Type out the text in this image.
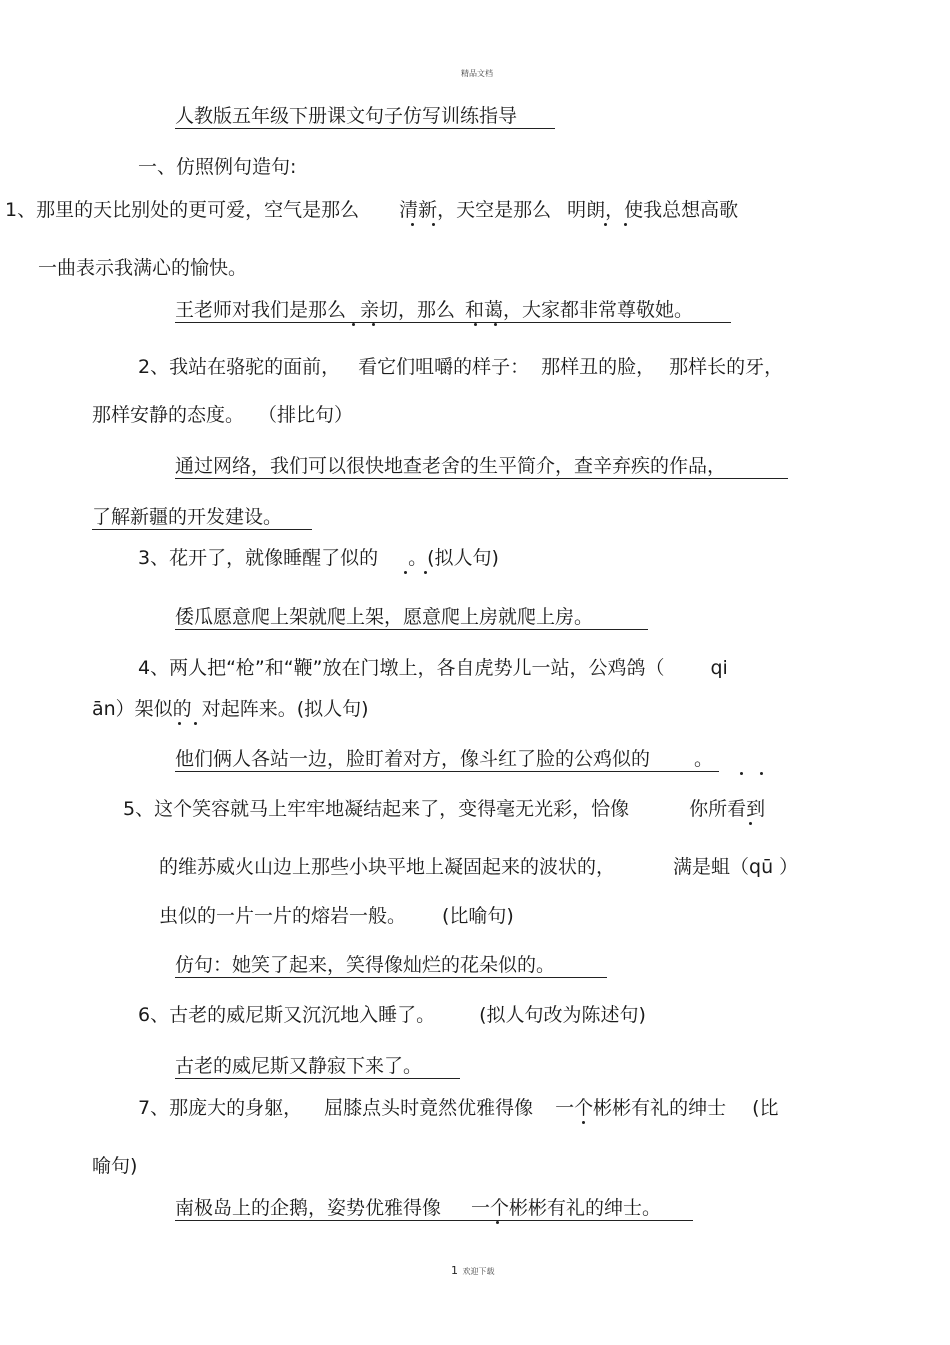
精品文档
人教版五年级下册课文句子仿写训练指导
一、仿照例句造句:
1、那里的天比别处的更可爱，空气是那么 清新，天空是那么 明朗，使我总想高歌
一曲表示我满心的愉快。
王老师对我们是那么 亲切，那么 和蔼，大家都非常尊敬她。
2、我站在骆驼的面前， 看它们咀嚼的样子： 那样丑的脸， 那样长的牙，
那样安静的态度。 （排比句）
通过网络，我们可以很快地查老舍的生平简介，查辛弃疾的作品，
了解新疆的开发建设。
3、花开了，就像睡醒了似的 。(拟人句)
倭瓜愿意爬上架就爬上架，愿意爬上房就爬上房。
4、两人把“枪”和“鞭”放在门墩上，各自虎势儿一站，公鸡鸽（ qi
ān）架似的 对起阵来。(拟人句)
他们俩人各站一边，脸盯着对方，像斗红了脸的公鸡似的 。
5、这个笑容就马上牢牢地凝结起来了，变得毫无光彩，恰像	你所看到
的维苏威火山边上那些小块平地上凝固起来的波状的，	满是蛆（qū ）
虫似的一片一片的熔岩一般。 (比喻句)
仿句：她笑了起来，笑得像灿烂的花朵似的。
6、古老的威尼斯又沉沉地入睡了。 (拟人句改为陈述句)
古老的威尼斯又静寂下来了。
7、那庞大的身躯， 屈膝点头时竟然优雅得像 一个彬彬有礼的绅士 (比
喻句)
南极岛上的企鹅，姿势优雅得像 一个彬彬有礼的绅士。
1 欢迎下载
